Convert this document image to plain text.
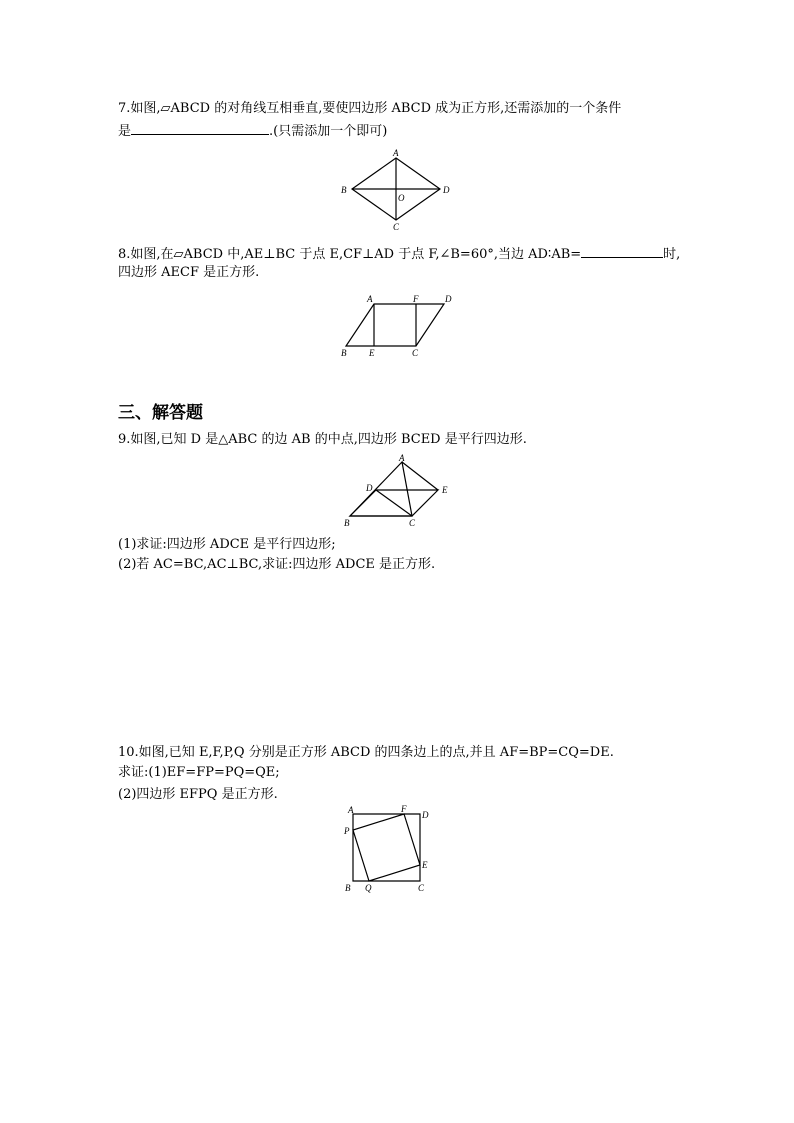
7.如图,▱ABCD 的对角线互相垂直,要使四边形 ABCD 成为正方形,还需添加的一个条件
是	.(只需添加一个即可)
A
B
C
D
O
8.如图,在▱ABCD 中,AE⊥BC 于点 E,CF⊥AD 于点 F,∠B=60°,当边 AD∶AB=	时,
四边形 AECF 是正方形.
A	F	D
B	E	C
三、解答题
9.如图,已知 D 是△ABC 的边 AB 的中点,四边形 BCED 是平行四边形.
A
D	E
B	C
(1)求证:四边形 ADCE 是平行四边形;
(2)若 AC=BC,AC⊥BC,求证:四边形 ADCE 是正方形.
10.如图,已知 E,F,P,Q 分别是正方形 ABCD 的四条边上的点,并且 AF=BP=CQ=DE.
求证:(1)EF=FP=PQ=QE;
(2)四边形 EFPQ 是正方形.
A	F
D
P
E
B Q	C
